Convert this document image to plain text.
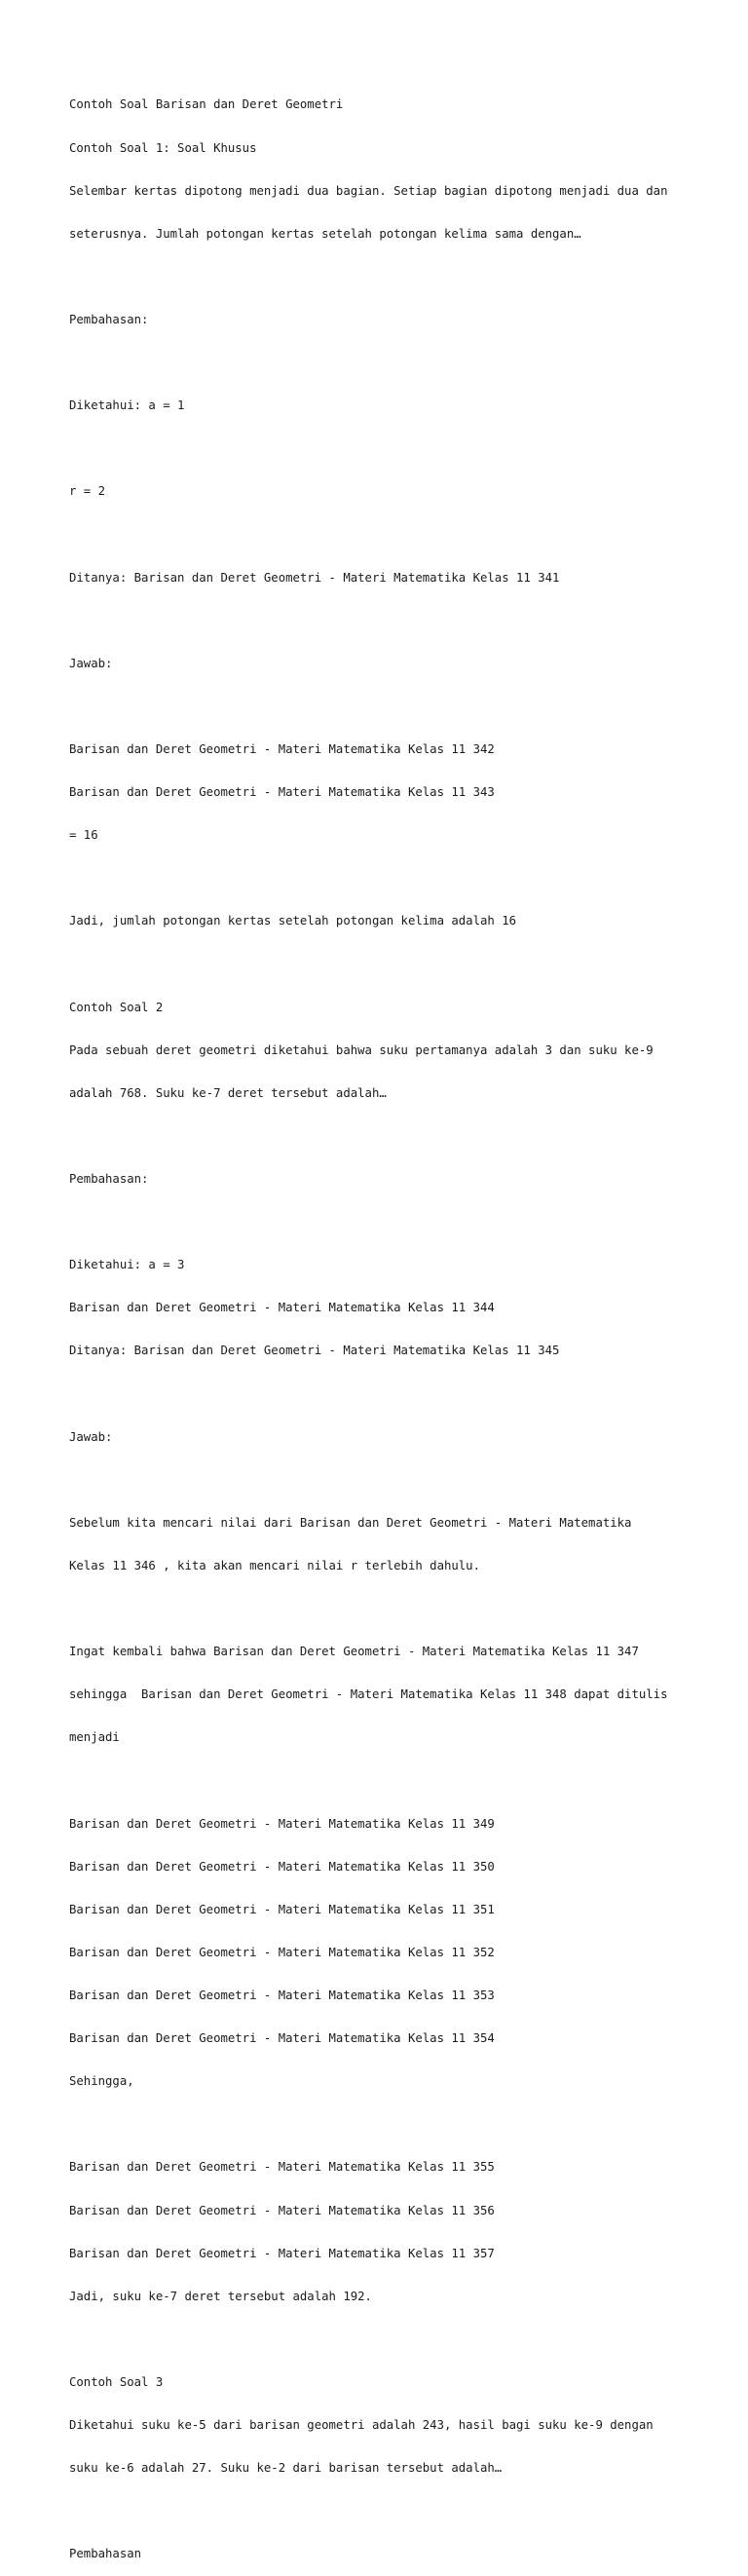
Contoh Soal Barisan dan Deret Geometri

Contoh Soal 1: Soal Khusus

Selembar kertas dipotong menjadi dua bagian. Setiap bagian dipotong menjadi dua dan

seterusnya. Jumlah potongan kertas setelah potongan kelima sama dengan…

Pembahasan:

Diketahui: a = 1

r = 2

Ditanya: Barisan dan Deret Geometri - Materi Matematika Kelas 11 341

Jawab:

Barisan dan Deret Geometri - Materi Matematika Kelas 11 342

Barisan dan Deret Geometri - Materi Matematika Kelas 11 343

= 16

Jadi, jumlah potongan kertas setelah potongan kelima adalah 16

Contoh Soal 2

Pada sebuah deret geometri diketahui bahwa suku pertamanya adalah 3 dan suku ke-9

adalah 768. Suku ke-7 deret tersebut adalah…

Pembahasan:

Diketahui: a = 3

Barisan dan Deret Geometri - Materi Matematika Kelas 11 344

Ditanya: Barisan dan Deret Geometri - Materi Matematika Kelas 11 345

Jawab:

Sebelum kita mencari nilai dari Barisan dan Deret Geometri - Materi Matematika

Kelas 11 346 , kita akan mencari nilai r terlebih dahulu.

Ingat kembali bahwa Barisan dan Deret Geometri - Materi Matematika Kelas 11 347

sehingga  Barisan dan Deret Geometri - Materi Matematika Kelas 11 348 dapat ditulis

menjadi

Barisan dan Deret Geometri - Materi Matematika Kelas 11 349

Barisan dan Deret Geometri - Materi Matematika Kelas 11 350

Barisan dan Deret Geometri - Materi Matematika Kelas 11 351

Barisan dan Deret Geometri - Materi Matematika Kelas 11 352

Barisan dan Deret Geometri - Materi Matematika Kelas 11 353

Barisan dan Deret Geometri - Materi Matematika Kelas 11 354

Sehingga,

Barisan dan Deret Geometri - Materi Matematika Kelas 11 355

Barisan dan Deret Geometri - Materi Matematika Kelas 11 356

Barisan dan Deret Geometri - Materi Matematika Kelas 11 357

Jadi, suku ke-7 deret tersebut adalah 192.

Contoh Soal 3

Diketahui suku ke-5 dari barisan geometri adalah 243, hasil bagi suku ke-9 dengan

suku ke-6 adalah 27. Suku ke-2 dari barisan tersebut adalah…

Pembahasan
